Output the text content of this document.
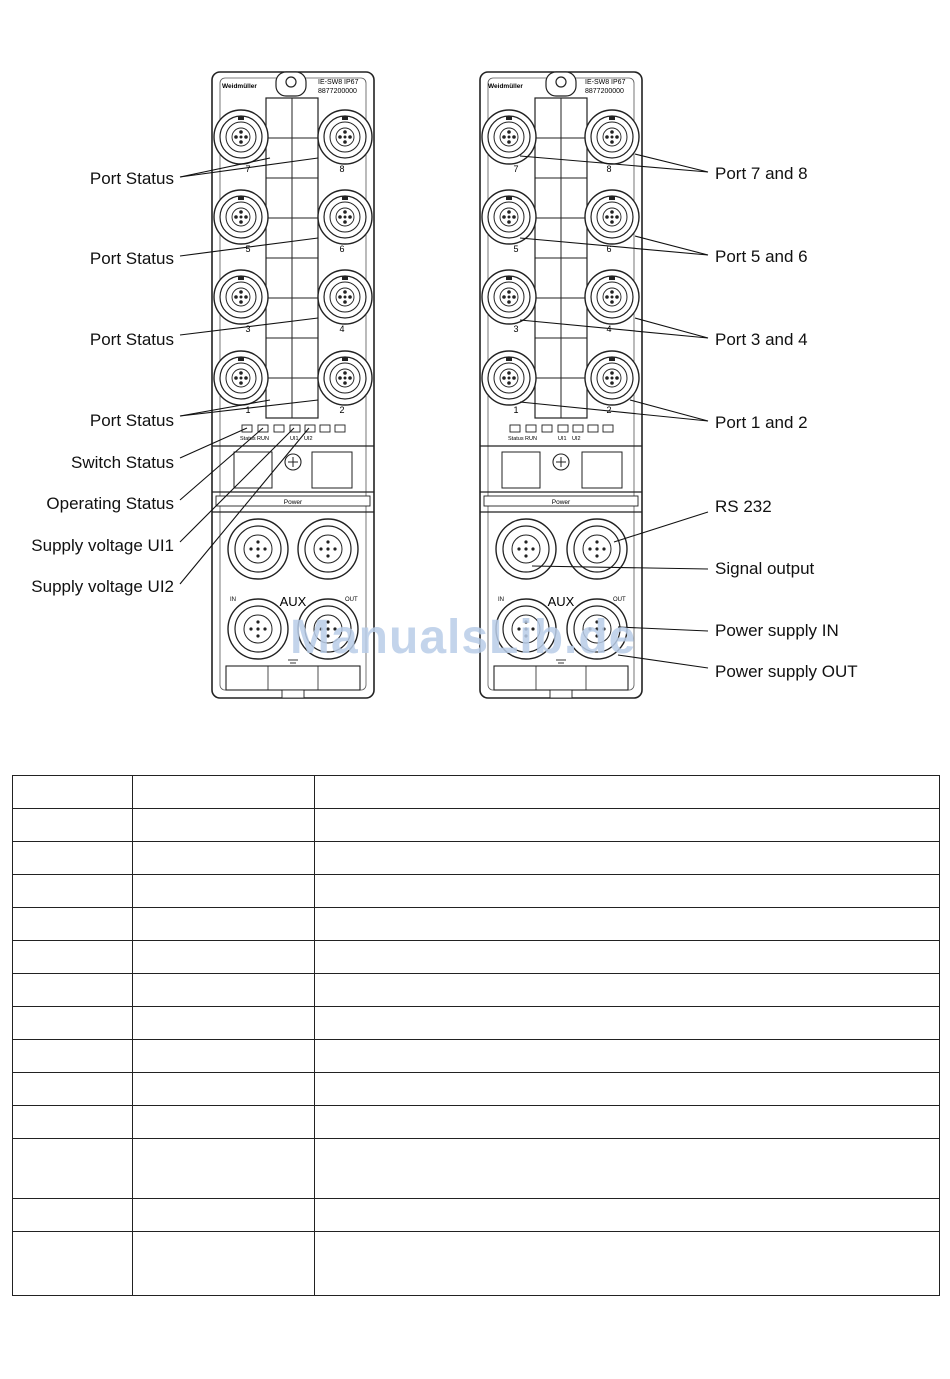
Weidmüller
IE-SW8 IP67
8877200000
7	8
5	6
3	4
1	2
Status RUN	UI1 UI2
Power
AUX
IN	OUT
Weidmüller
IE-SW8 IP67
8877200000
7	8
5	6
3	4
1	2
Status RUN	UI1 UI2
Power
AUX
IN	OUT
Port Status
Port Status
Port Status
Port Status
Switch Status
Operating Status
Supply voltage UI1
Supply voltage UI2
Port 7 and 8
Port 5 and 6
Port 3 and 4
Port 1 and 2
RS 232
Signal output
Power supply IN
Power supply OUT
ManualsLib.de
